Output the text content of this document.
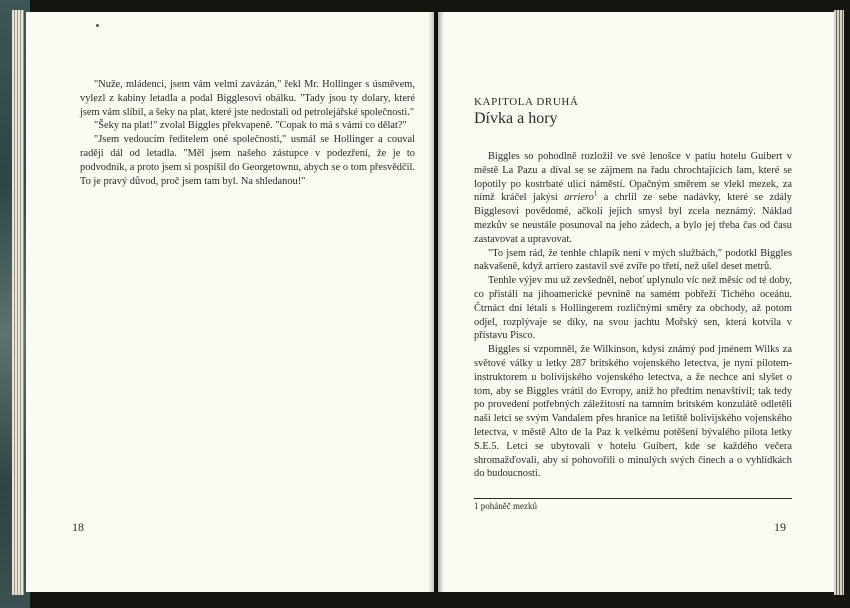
"Nuže, mládenci, jsem vám velmi zavázán," řekl Mr. Hollinger s úsměvem, vylezl z kabiny letadla a podal Bigglesovi obálku. "Tady jsou ty dolary, které jsem vám slíbil, a šeky na plat, které jste nedostali od petrolejářské společnosti."

"Šeky na plat!" zvolal Biggles překvapeně. "Copak to má s vámi co dělat?"

"Jsem vedoucím ředitelem oné společnosti," usmál se Hollinger a couval raději dál od letadla. "Měl jsem našeho zástupce v podezření, že je to podvodník, a proto jsem si pospíšil do Georgetownu, abych se o tom přesvědčil. To je pravý důvod, proč jsem tam byl. Na shledanou!"

18
KAPITOLA DRUHÁ
Dívka a hory

Biggles so pohodlně rozložil ve své lenošce v patiu hotelu Guibert v městě La Pazu a díval se se zájmem na řadu chrochtajících lam, které se lopotily po kostrbaté ulici náměstí. Opačným směrem se vlekl mezek, za nímž kráčel jakýsi arriero$^1$ a chrlil ze sebe nadávky, které se zdály Bigglesovi povědomé, ačkoli jejich smysl byl zcela neznámý. Náklad mezkův se neustále posunoval na jeho zádech, a bylo jej třeba čas od času zastavovat a upravovat.

"To jsem rád, že tenhle chlapík není v mých službách," podotkl Biggles nakvašeně, když arriero zastavil své zvíře po třetí, než ušel deset metrů.

Tenhle výjev mu už zevšedněl, neboť uplynulo víc než měsíc od té doby, co přistáli na jihoamerické pevnině na samém pobřeží Tichého oceánu. Čtrnáct dní létali s Hollingerem rozličnými směry za obchody, až potom odjel, rozplývaje se díky, na svou jachtu Mořský sen, která kotvila v přístavu Pisco.

Biggles si vzpomněl, že Wilkinson, kdysi známý pod jménem Wilks za světové války u letky 287 britského vojenského letectva, je nyní pilotem-instruktorem u bolivijského vojenského letectva, a že nechce ani slyšet o tom, aby se Biggles vrátil do Evropy, aniž ho předtím nenavštívil; tak tedy po provedení potřebných záležitostí na tamním britském konzulátě odletěli naši letci se svým Vandalem přes hranice na letiště bolivijského vojenského letectva, v městě Alto de la Paz k velkému potěšení bývalého pilota letky S.E.5. Letci se ubytovali v hotelu Guibert, kde se každého večera shromažďovali, aby si pohovořili o minulých svých činech a o vyhlídkách do budoucnosti.

1 poháněč mezků
19
